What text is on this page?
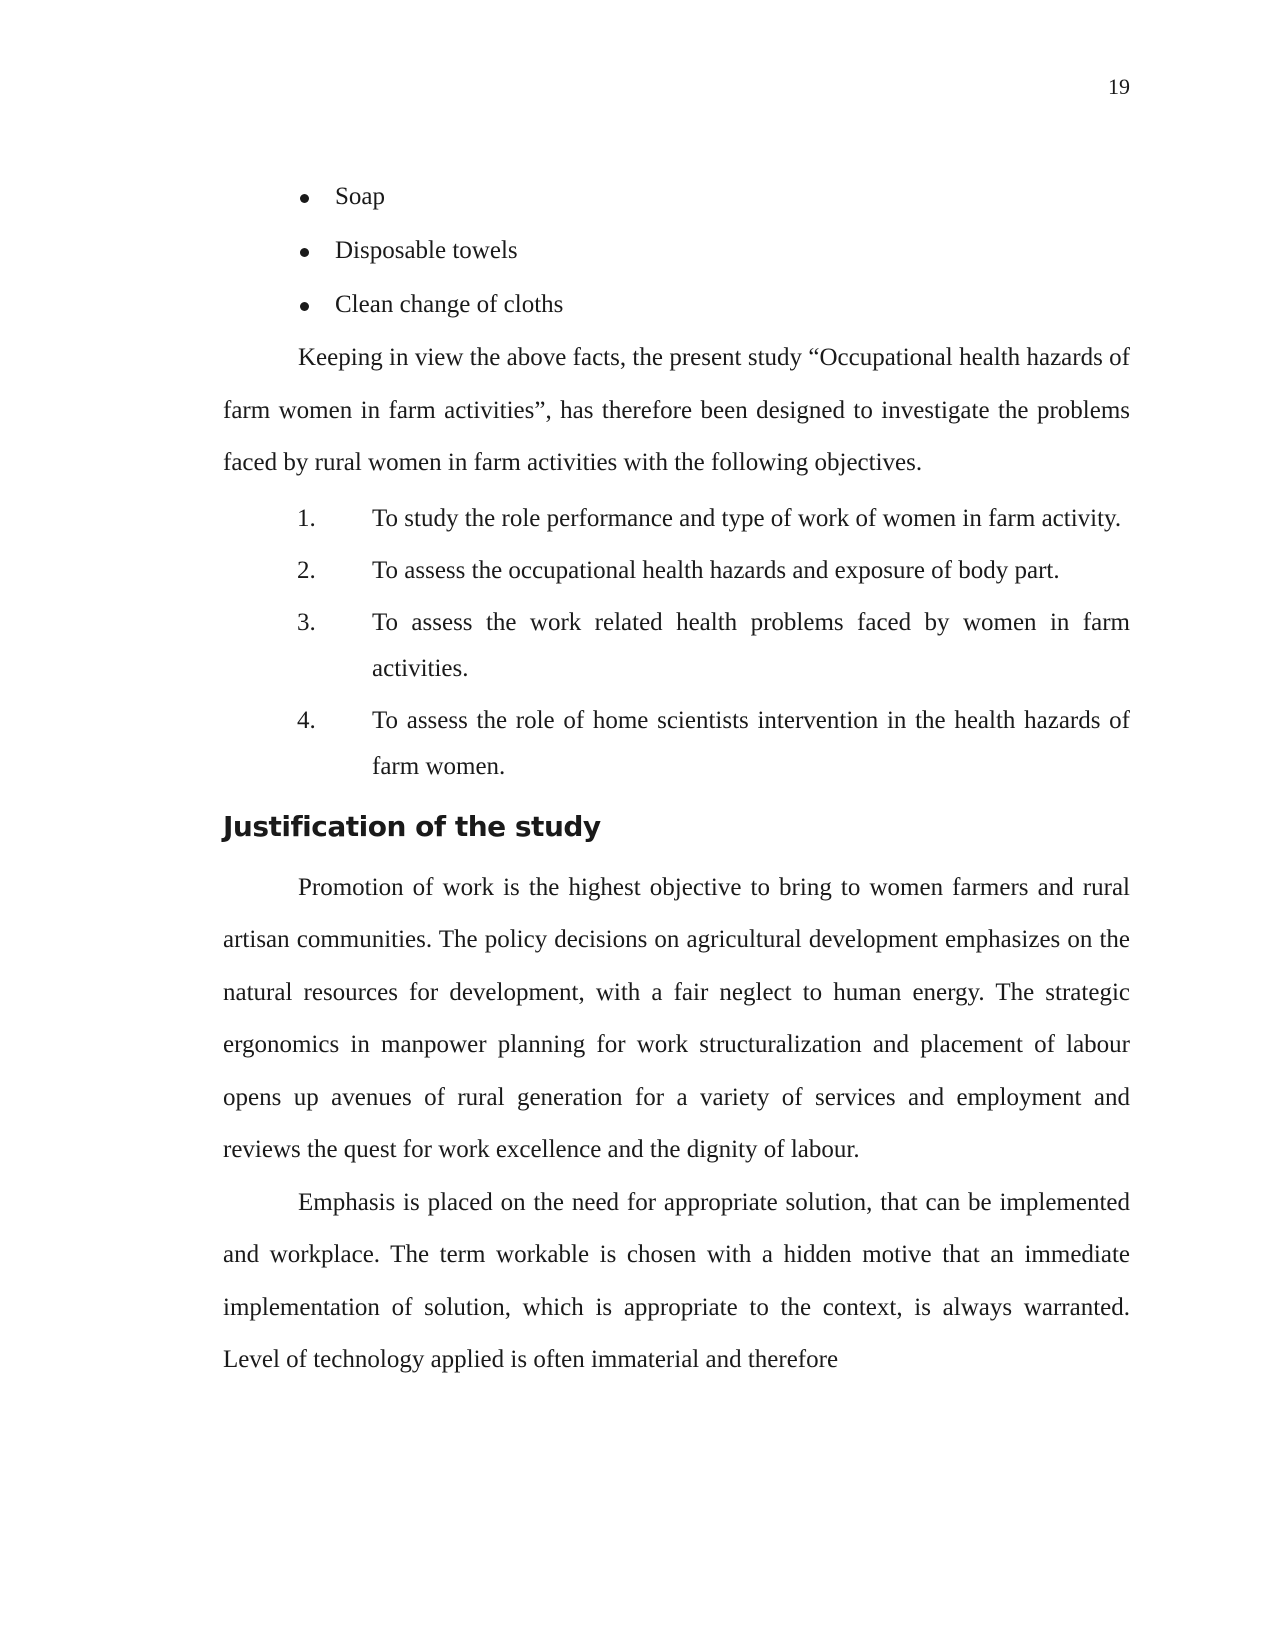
19
Soap
Disposable towels
Clean change of cloths

Keeping in view the above facts, the present study “Occupational health hazards of farm women in farm activities”, has therefore been designed to investigate the problems faced by rural women in farm activities with the following objectives.

1. To study the role performance and type of work of women in farm activity.
2. To assess the occupational health hazards and exposure of body part.
3. To assess the work related health problems faced by women in farm activities.
4. To assess the role of home scientists intervention in the health hazards of farm women.
Justification of the study

Promotion of work is the highest objective to bring to women farmers and rural artisan communities. The policy decisions on agricultural development emphasizes on the natural resources for development, with a fair neglect to human energy. The strategic ergonomics in manpower planning for work structuralization and placement of labour opens up avenues of rural generation for a variety of services and employment and reviews the quest for work excellence and the dignity of labour.

Emphasis is placed on the need for appropriate solution, that can be implemented and workplace. The term workable is chosen with a hidden motive that an immediate implementation of solution, which is appropriate to the context, is always warranted. Level of technology applied is often immaterial and therefore
